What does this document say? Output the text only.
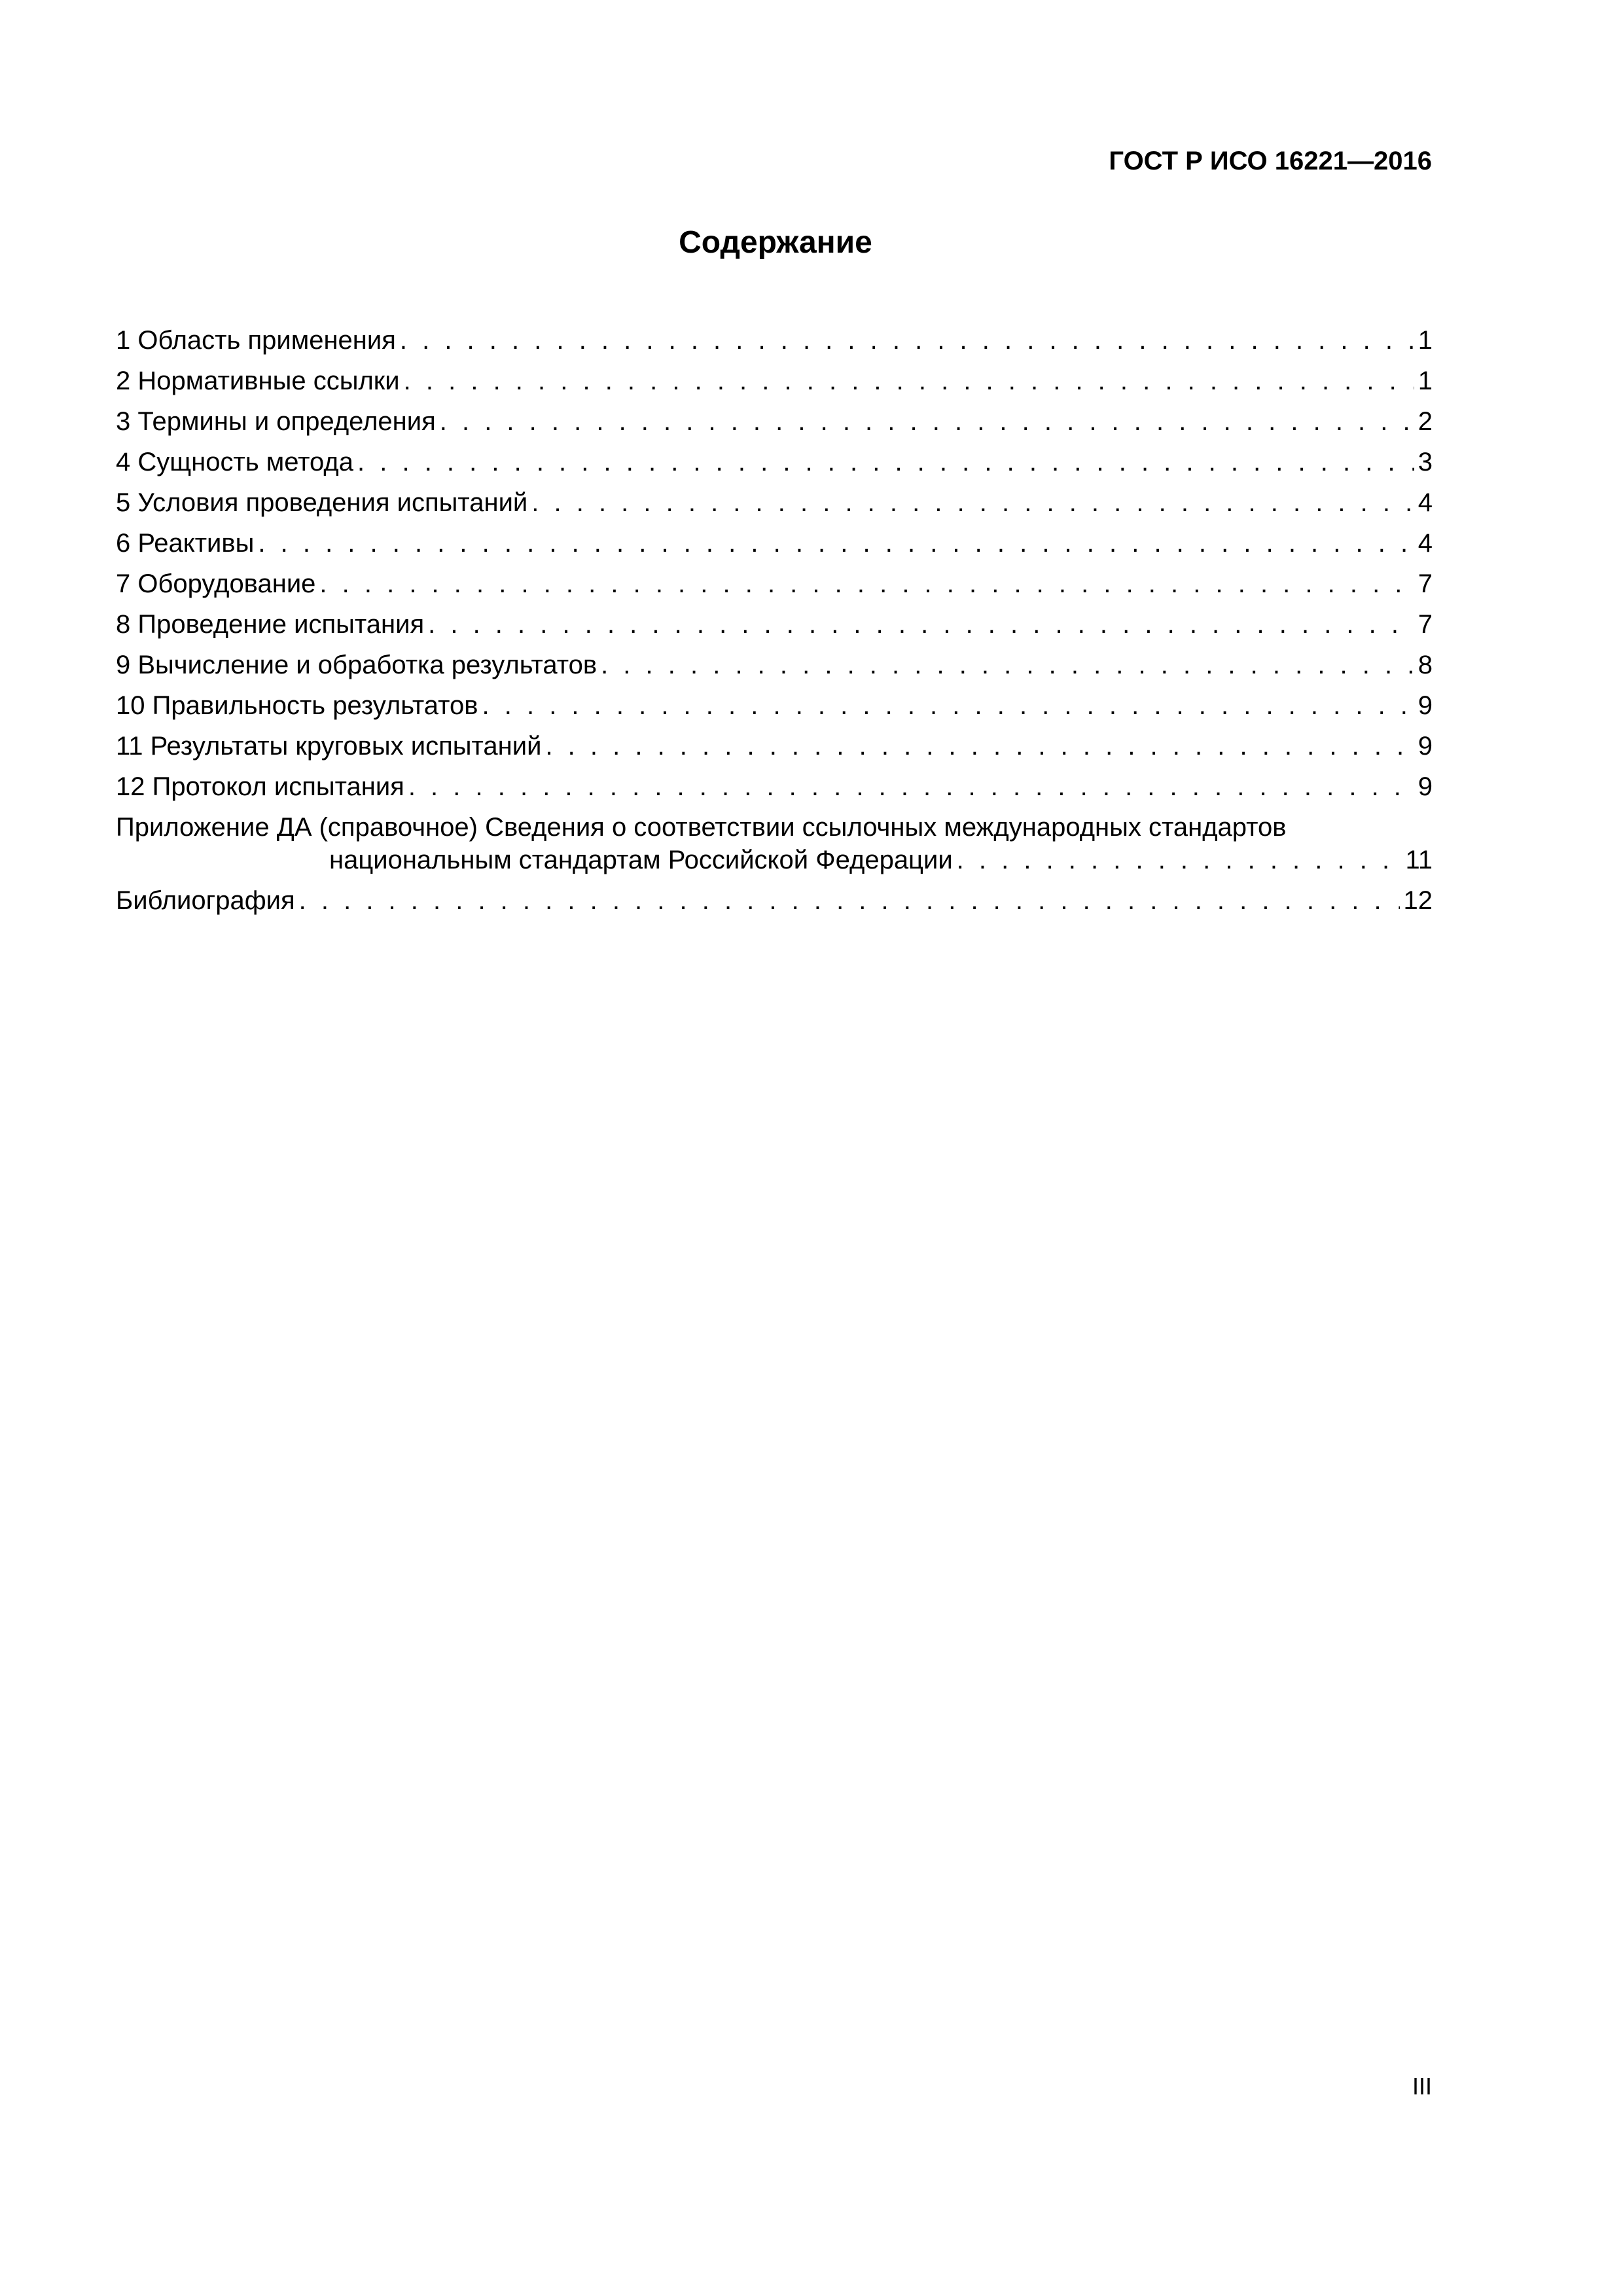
ГОСТ Р ИСО 16221—2016
Содержание
1 Область применения . . .	1
2 Нормативные ссылки . . .	1
3 Термины и определения . . .	2
4 Сущность метода . . .	3
5 Условия проведения испытаний . . .	4
6 Реактивы . . .	4
7 Оборудование . . .	7
8 Проведение испытания . . .	7
9 Вычисление и обработка результатов . . .	8
10 Правильность результатов . . .	9
11 Результаты круговых испытаний . . .	9
12 Протокол испытания . . .	9
Приложение ДА (справочное) Сведения о соответствии ссылочных международных стандартов
национальным стандартам Российской Федерации . . .	11
Библиография . . .	12
III
